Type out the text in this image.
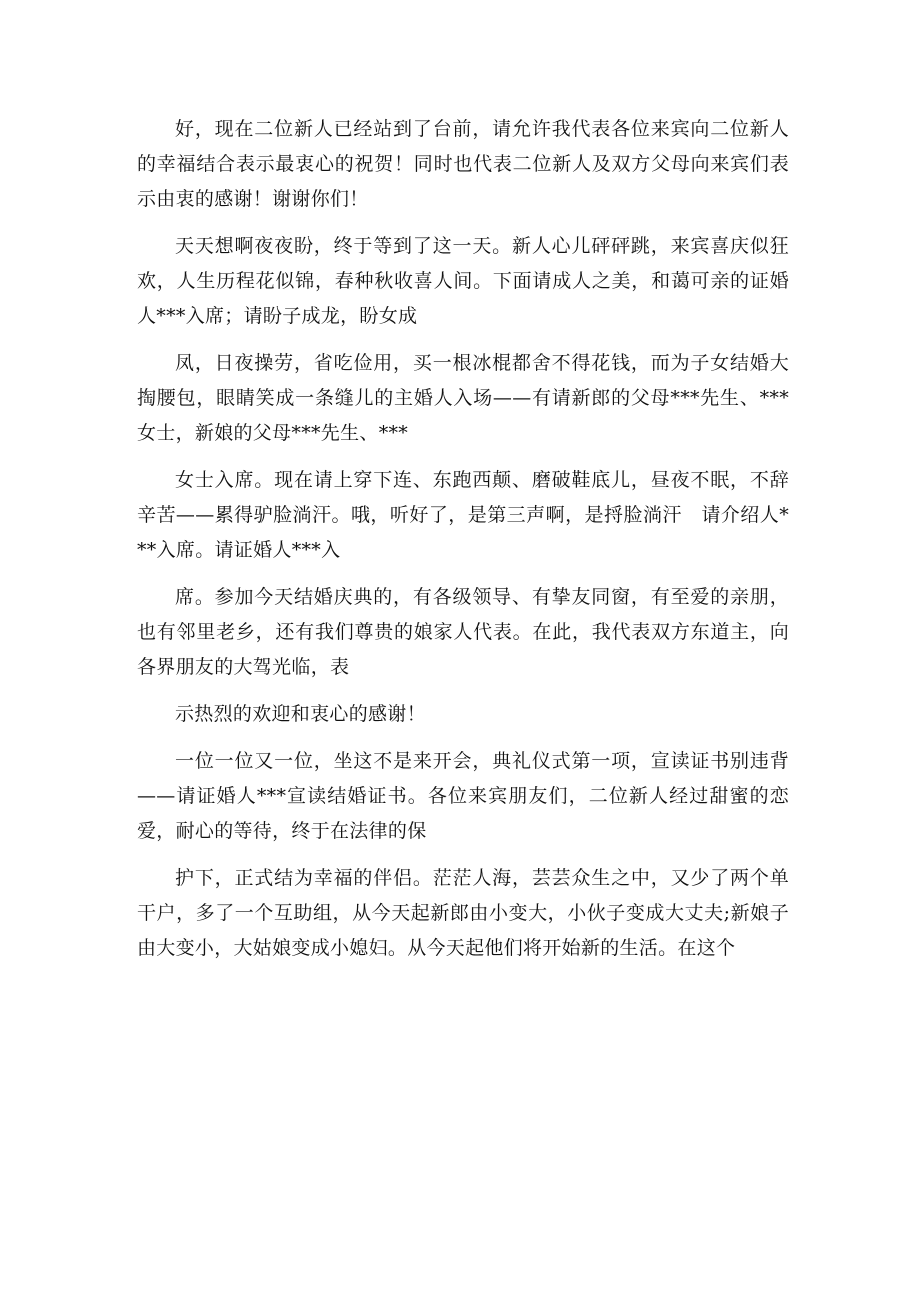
好，现在二位新人已经站到了台前，请允许我代表各位来宾向二位新人的幸福结合表示最衷心的祝贺！同时也代表二位新人及双方父母向来宾们表示由衷的感谢！谢谢你们！

天天想啊夜夜盼，终于等到了这一天。新人心儿砰砰跳，来宾喜庆似狂欢，人生历程花似锦，春种秋收喜人间。下面请成人之美，和蔼可亲的证婚人***入席；请盼子成龙，盼女成

凤，日夜操劳，省吃俭用，买一根冰棍都舍不得花钱，而为子女结婚大掏腰包，眼睛笑成一条缝儿的主婚人入场——有请新郎的父母***先生、***女士，新娘的父母***先生、***

女士入席。现在请上穿下连、东跑西颠、磨破鞋底儿，昼夜不眠，不辞辛苦——累得驴脸淌汗。哦，听好了，是第三声啊，是捋脸淌汗　请介绍人***入席。请证婚人***入

席。参加今天结婚庆典的，有各级领导、有挚友同窗，有至爱的亲朋，也有邻里老乡，还有我们尊贵的娘家人代表。在此，我代表双方东道主，向各界朋友的大驾光临，表

示热烈的欢迎和衷心的感谢！

一位一位又一位，坐这不是来开会，典礼仪式第一项，宣读证书别违背——请证婚人***宣读结婚证书。各位来宾朋友们，二位新人经过甜蜜的恋爱，耐心的等待，终于在法律的保

护下，正式结为幸福的伴侣。茫茫人海，芸芸众生之中，又少了两个单干户，多了一个互助组，从今天起新郎由小变大，小伙子变成大丈夫;新娘子由大变小，大姑娘变成小媳妇。从今天起他们将开始新的生活。在这个
